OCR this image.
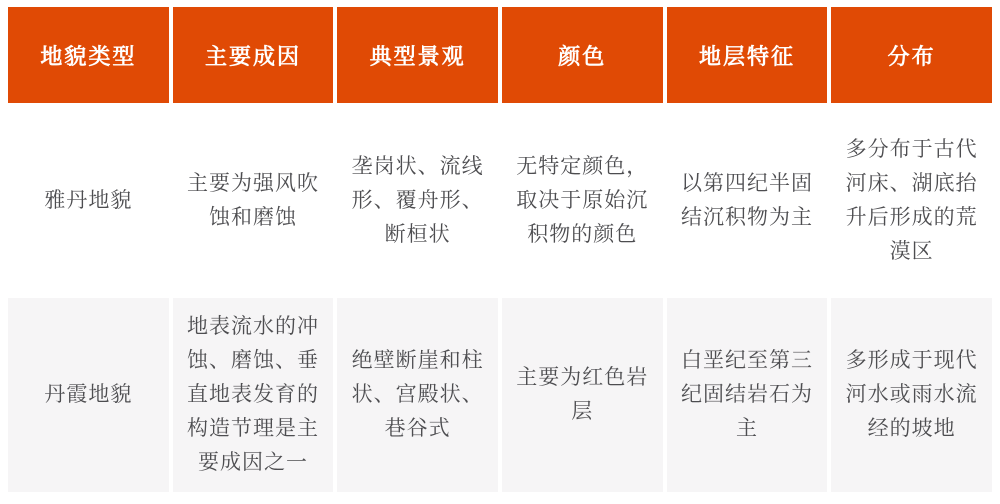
地貌类型	主要成因	典型景观	颜色	地层特征	分布
雅丹地貌	主要为强风吹蚀和磨蚀	垄岗状、流线形、覆舟形、断桓状	无特定颜色，取决于原始沉积物的颜色	以第四纪半固结沉积物为主	多分布于古代河床、湖底抬升后形成的荒漠区
丹霞地貌	地表流水的冲蚀、磨蚀、垂直地表发育的构造节理是主要成因之一	绝壁断崖和柱状、宫殿状、巷谷式	主要为红色岩层	白垩纪至第三纪固结岩石为主	多形成于现代河水或雨水流经的坡地
